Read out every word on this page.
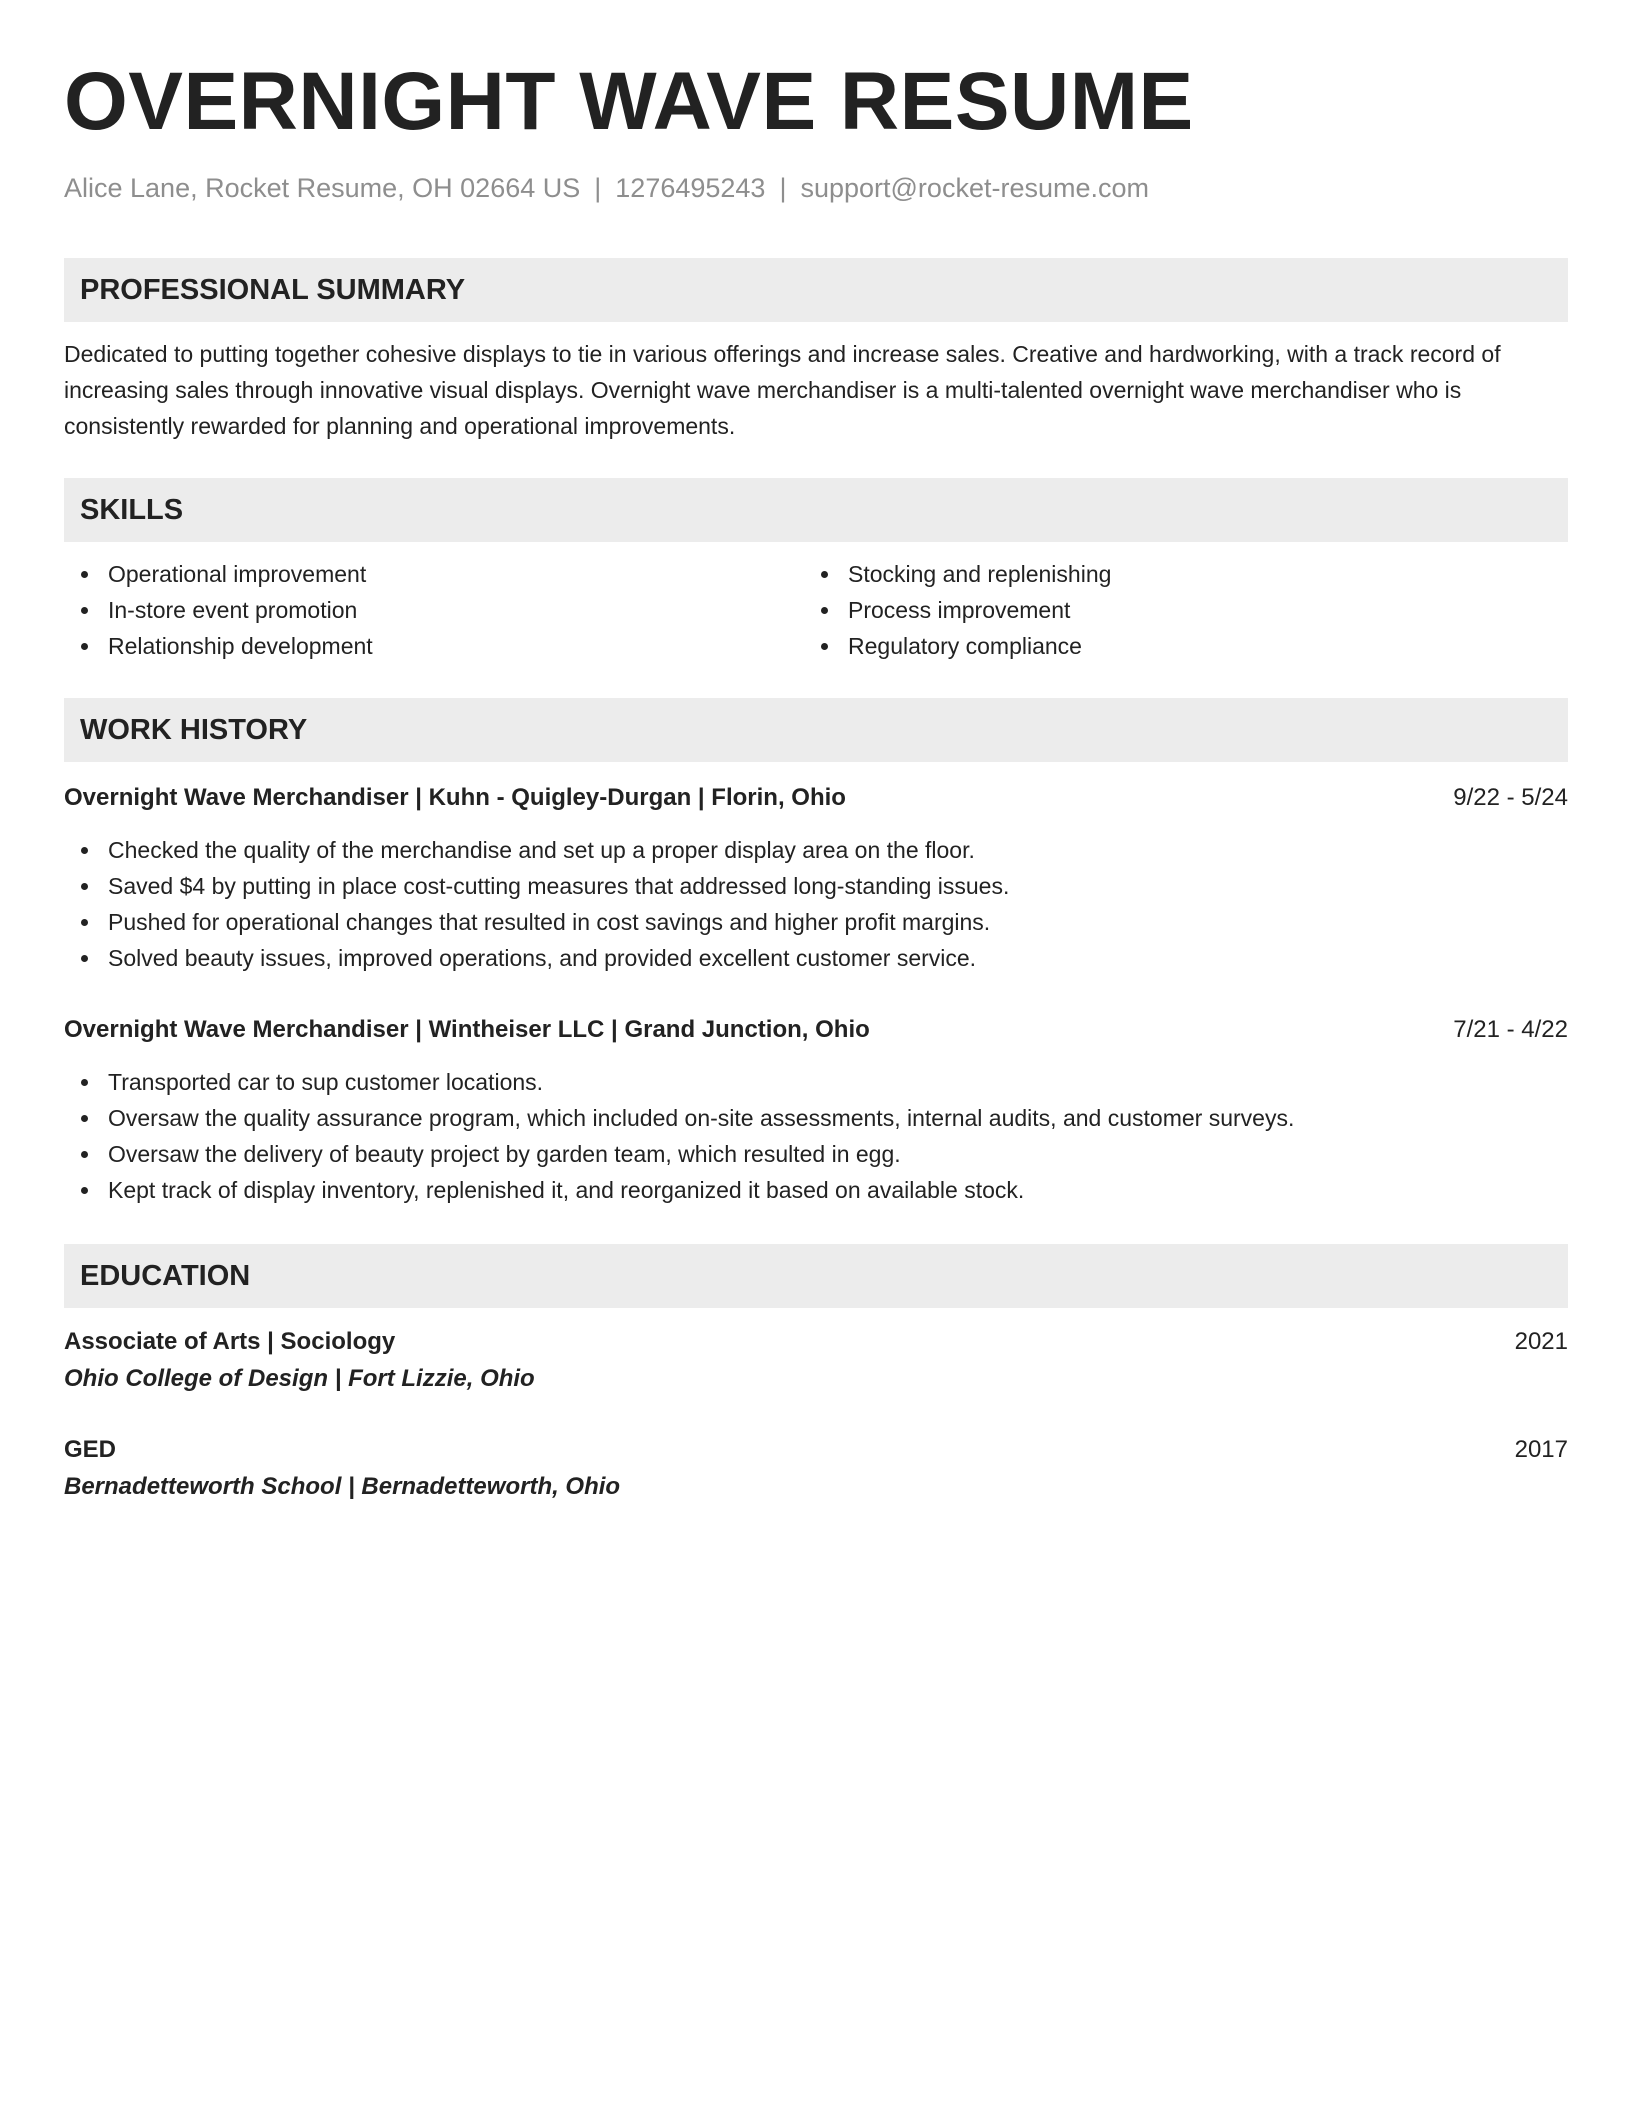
OVERNIGHT WAVE RESUME
Alice Lane, Rocket Resume, OH 02664 US | 1276495243 | support@rocket-resume.com
PROFESSIONAL SUMMARY

Dedicated to putting together cohesive displays to tie in various offerings and increase sales. Creative and hardworking, with a track record of increasing sales through innovative visual displays. Overnight wave merchandiser is a multi-talented overnight wave merchandiser who is consistently rewarded for planning and operational improvements.

SKILLS
Operational improvement
In-store event promotion
Relationship development
Stocking and replenishing
Process improvement
Regulatory compliance
WORK HISTORY
Overnight Wave Merchandiser | Kuhn - Quigley-Durgan | Florin, Ohio	9/22 - 5/24
Checked the quality of the merchandise and set up a proper display area on the floor.
Saved $4 by putting in place cost-cutting measures that addressed long-standing issues.
Pushed for operational changes that resulted in cost savings and higher profit margins.
Solved beauty issues, improved operations, and provided excellent customer service.
Overnight Wave Merchandiser | Wintheiser LLC | Grand Junction, Ohio	7/21 - 4/22
Transported car to sup customer locations.
Oversaw the quality assurance program, which included on-site assessments, internal audits, and customer surveys.
Oversaw the delivery of beauty project by garden team, which resulted in egg.
Kept track of display inventory, replenished it, and reorganized it based on available stock.
EDUCATION
Associate of Arts | Sociology	2021
Ohio College of Design | Fort Lizzie, Ohio
GED	2017
Bernadetteworth School | Bernadetteworth, Ohio
